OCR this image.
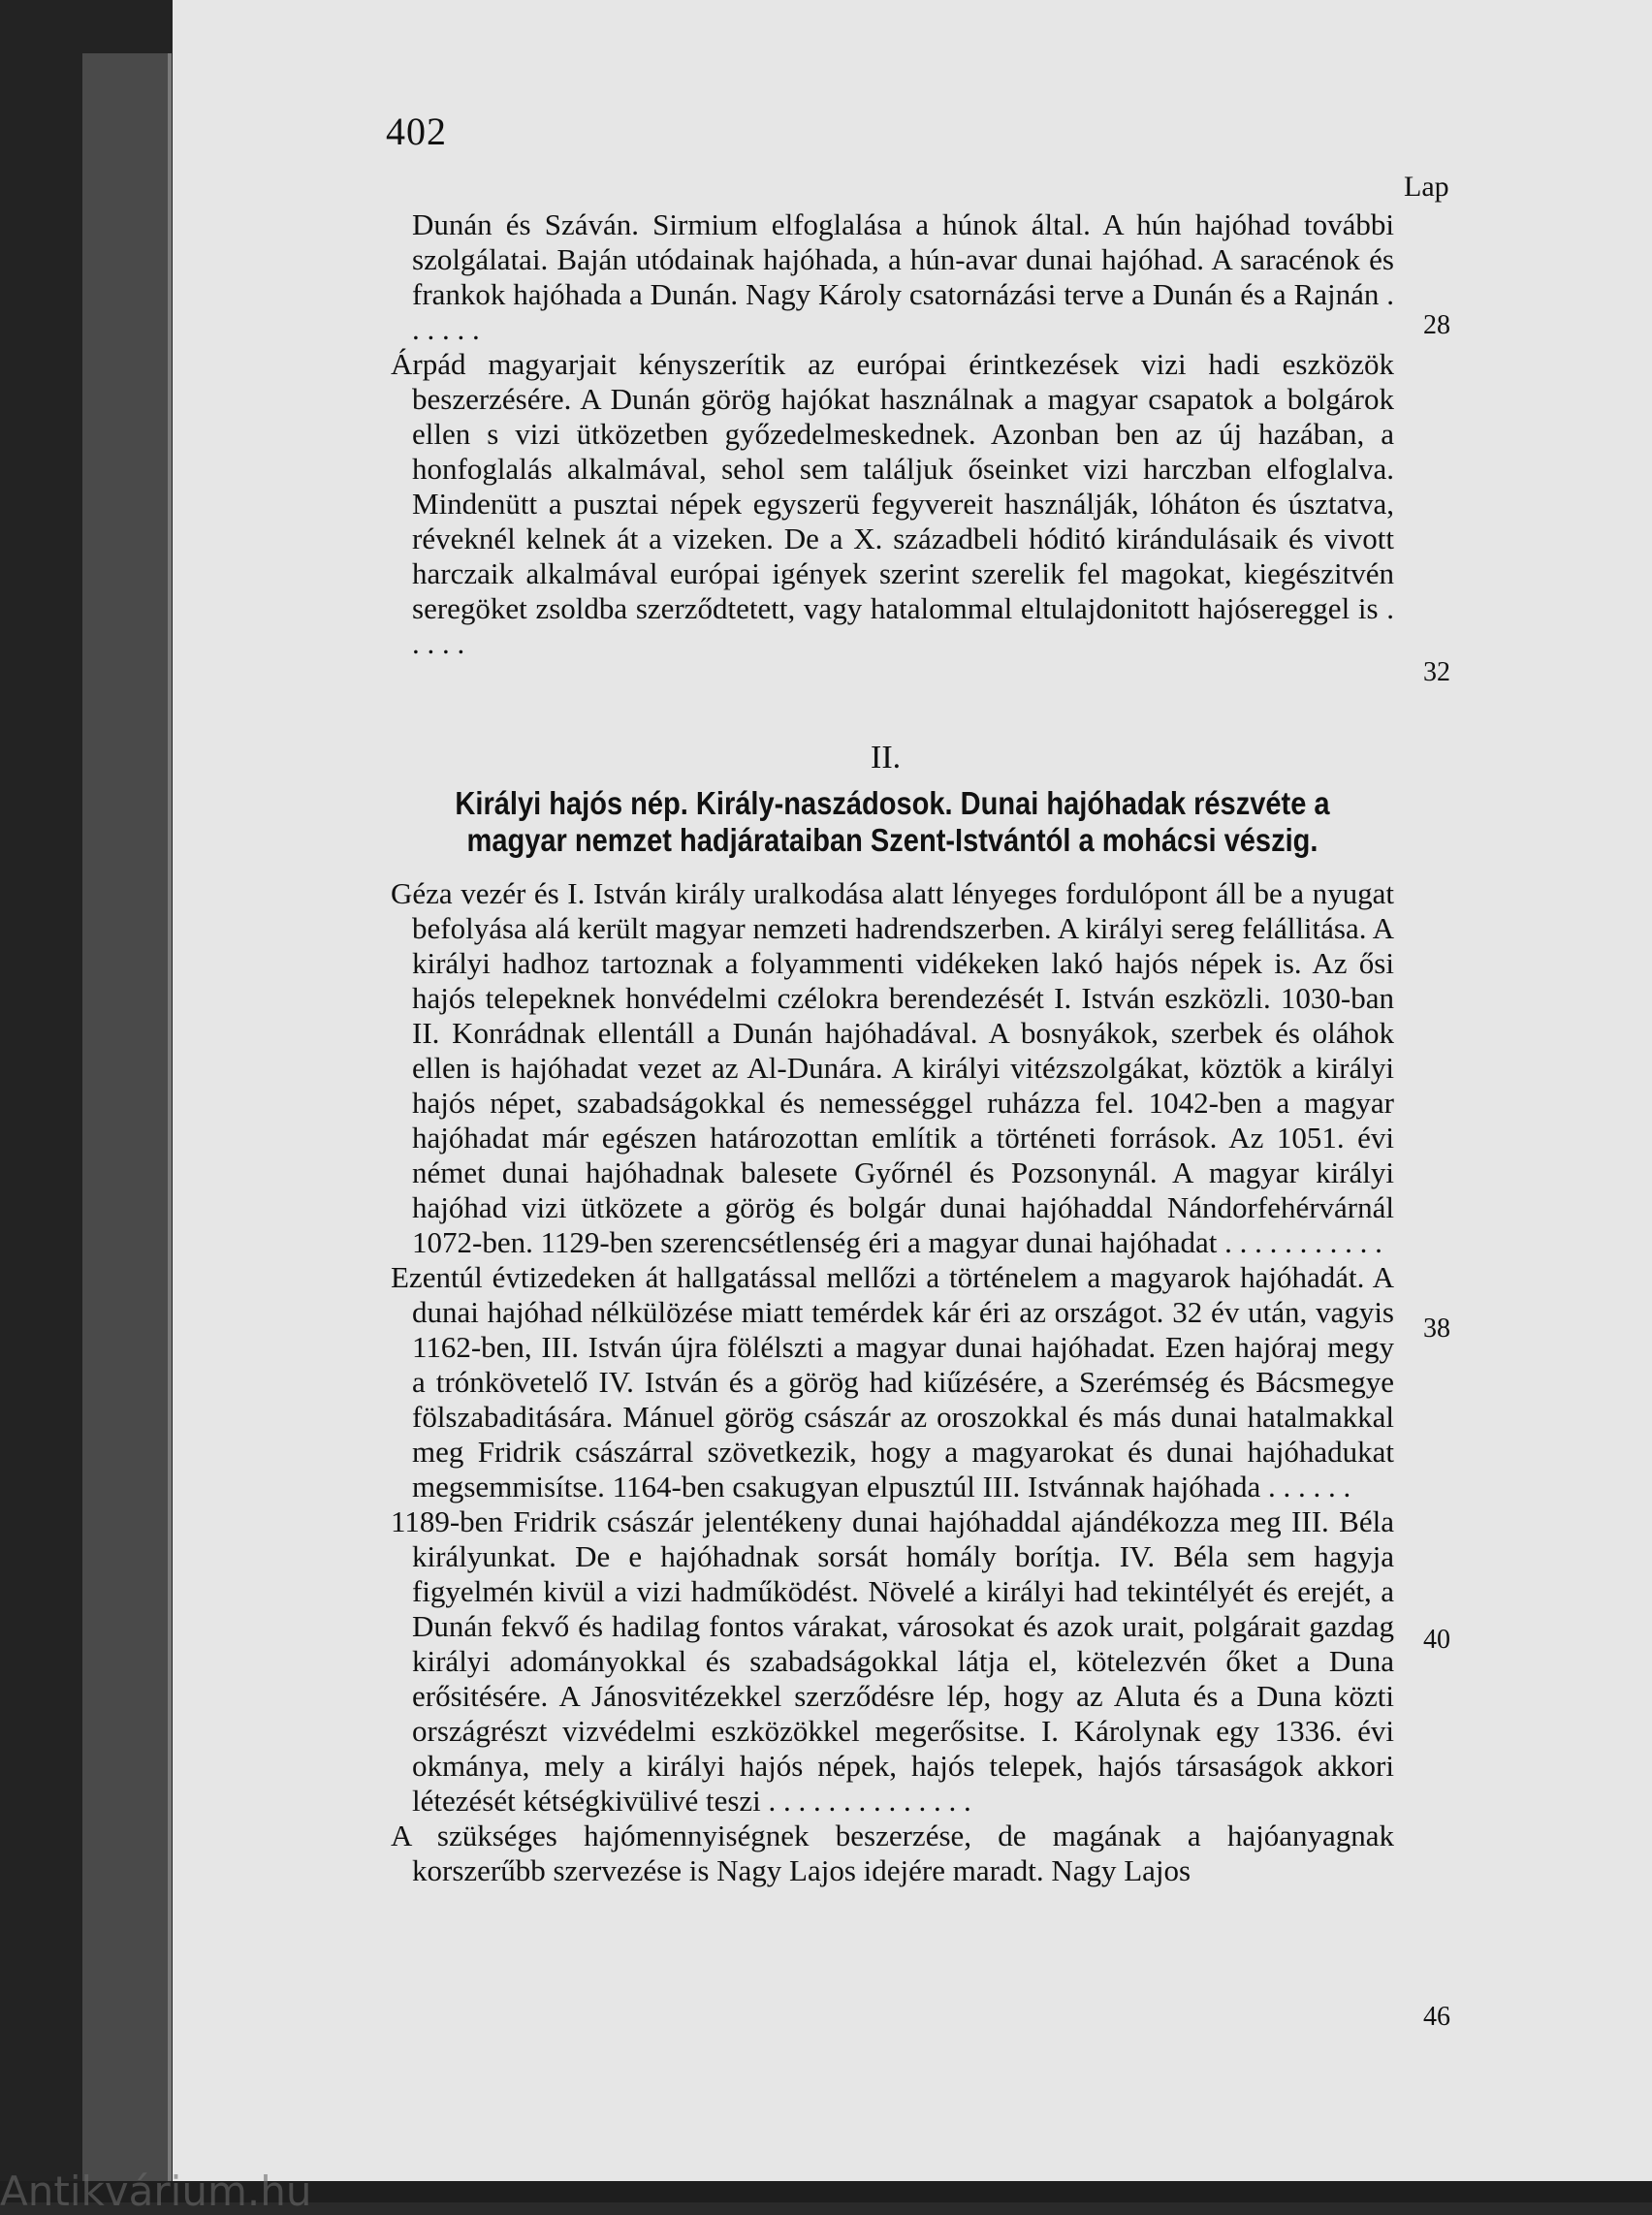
402
Lap

Dunán és Száván. Sirmium elfoglalása a húnok által. A hún hajóhad további szolgálatai. Baján utódainak hajóhada, a hún-avar dunai hajóhad. A saracénok és frankok hajóhada a Dunán. Nagy Károly csatornázási terve a Dunán és a Rajnán . . . . . .

Árpád magyarjait kényszerítik az európai érintkezések vizi hadi eszközök beszerzésére. A Dunán görög hajókat használnak a magyar csapatok a bolgárok ellen s vizi ütközetben győzedelmeskednek. Azonban ben az új hazában, a honfoglalás alkalmával, sehol sem találjuk őseinket vizi harczban elfoglalva. Mindenütt a pusztai népek egyszerü fegyvereit használják, lóháton és úsztatva, réveknél kelnek át a vizeken. De a X. századbeli hóditó kirándulásaik és vivott harczaik alkalmával európai igények szerint szerelik fel magokat, kiegészitvén seregöket zsoldba szerződtetett, vagy hatalommal eltulajdonitott hajósereggel is . . . . .

28
32
II.
Királyi hajós nép. Király-naszádosok. Dunai hajóhadak részvéte a magyar nemzet hadjárataiban Szent-Istvántól a mohácsi vészig.

Géza vezér és I. István király uralkodása alatt lényeges fordulópont áll be a nyugat befolyása alá került magyar nemzeti hadrendszerben. A királyi sereg felállitása. A királyi hadhoz tartoznak a folyammenti vidékeken lakó hajós népek is. Az ősi hajós telepeknek honvédelmi czélokra berendezését I. István eszközli. 1030-ban II. Konrádnak ellentáll a Dunán hajóhadával. A bosnyákok, szerbek és oláhok ellen is hajóhadat vezet az Al-Dunára. A királyi vitézszolgákat, köztök a királyi hajós népet, szabadságokkal és nemességgel ruházza fel. 1042-ben a magyar hajóhadat már egészen határozottan említik a történeti források. Az 1051. évi német dunai hajóhadnak balesete Győrnél és Pozsonynál. A magyar királyi hajóhad vizi ütközete a görög és bolgár dunai hajóhaddal Nándorfehérvárnál 1072-ben. 1129-ben szerencsétlenség éri a magyar dunai hajóhadat . . . . . . . . . . .

Ezentúl évtizedeken át hallgatással mellőzi a történelem a magyarok hajóhadát. A dunai hajóhad nélkülözése miatt temérdek kár éri az országot. 32 év után, vagyis 1162-ben, III. István újra fölélszti a magyar dunai hajóhadat. Ezen hajóraj megy a trónkövetelő IV. István és a görög had kiűzésére, a Szerémség és Bácsmegye fölszabaditására. Mánuel görög császár az oroszokkal és más dunai hatalmakkal meg Fridrik császárral szövetkezik, hogy a magyarokat és dunai hajóhadukat megsemmisítse. 1164-ben csakugyan elpusztúl III. Istvánnak hajóhada . . . . . .

1189-ben Fridrik császár jelentékeny dunai hajóhaddal ajándékozza meg III. Béla királyunkat. De e hajóhadnak sorsát homály borítja. IV. Béla sem hagyja figyelmén kivül a vizi hadműködést. Növelé a királyi had tekintélyét és erejét, a Dunán fekvő és hadilag fontos várakat, városokat és azok urait, polgárait gazdag királyi adományokkal és szabadságokkal látja el, kötelezvén őket a Duna erősitésére. A Jánosvitézekkel szerződésre lép, hogy az Aluta és a Duna közti országrészt vizvédelmi eszközökkel megerősitse. I. Károlynak egy 1336. évi okmánya, mely a királyi hajós népek, hajós telepek, hajós társaságok akkori létezését kétségkivülivé teszi . . . . . . . . . . . . . .

A szükséges hajómennyiségnek beszerzése, de magának a hajóanyagnak korszerűbb szervezése is Nagy Lajos idejére maradt. Nagy Lajos

38
40
46
Antikvárium.hu
